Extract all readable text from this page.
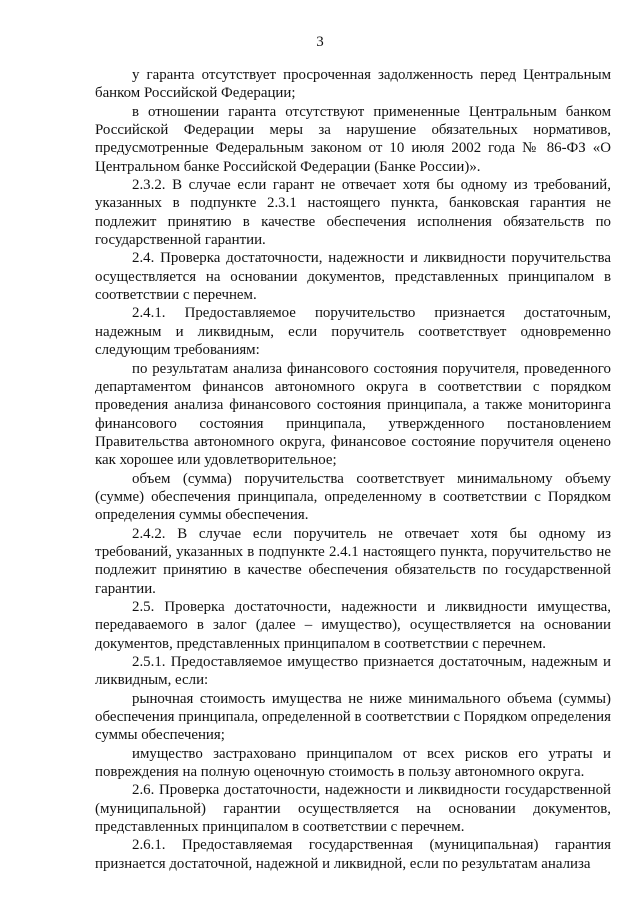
3

у гаранта отсутствует просроченная задолженность перед Центральным банком Российской Федерации;

в отношении гаранта отсутствуют примененные Центральным банком Российской Федерации меры за нарушение обязательных нормативов, предусмотренные Федеральным законом от 10 июля 2002 года № 86-ФЗ «О Центральном банке Российской Федерации (Банке России)».

2.3.2. В случае если гарант не отвечает хотя бы одному из требований, указанных в подпункте 2.3.1 настоящего пункта, банковская гарантия не подлежит принятию в качестве обеспечения исполнения обязательств по государственной гарантии.

2.4. Проверка достаточности, надежности и ликвидности поручительства осуществляется на основании документов, представленных принципалом в соответствии с перечнем.

2.4.1. Предоставляемое поручительство признается достаточным, надежным и ликвидным, если поручитель соответствует одновременно следующим требованиям:

по результатам анализа финансового состояния поручителя, проведенного департаментом финансов автономного округа в соответствии с порядком проведения анализа финансового состояния принципала, а также мониторинга финансового состояния принципала, утвержденного постановлением Правительства автономного округа, финансовое состояние поручителя оценено как хорошее или удовлетворительное;

объем (сумма) поручительства соответствует минимальному объему (сумме) обеспечения принципала, определенному в соответствии с Порядком определения суммы обеспечения.

2.4.2. В случае если поручитель не отвечает хотя бы одному из требований, указанных в подпункте 2.4.1 настоящего пункта, поручительство не подлежит принятию в качестве обеспечения обязательств по государственной гарантии.

2.5. Проверка достаточности, надежности и ликвидности имущества, передаваемого в залог (далее – имущество), осуществляется на основании документов, представленных принципалом в соответствии с перечнем.

2.5.1. Предоставляемое имущество признается достаточным, надежным и ликвидным, если:

рыночная стоимость имущества не ниже минимального объема (суммы) обеспечения принципала, определенной в соответствии с Порядком определения суммы обеспечения;

имущество застраховано принципалом от всех рисков его утраты и повреждения на полную оценочную стоимость в пользу автономного округа.

2.6. Проверка достаточности, надежности и ликвидности государственной (муниципальной) гарантии осуществляется на основании документов, представленных принципалом в соответствии с перечнем.

2.6.1. Предоставляемая государственная (муниципальная) гарантия признается достаточной, надежной и ликвидной, если по результатам анализа
